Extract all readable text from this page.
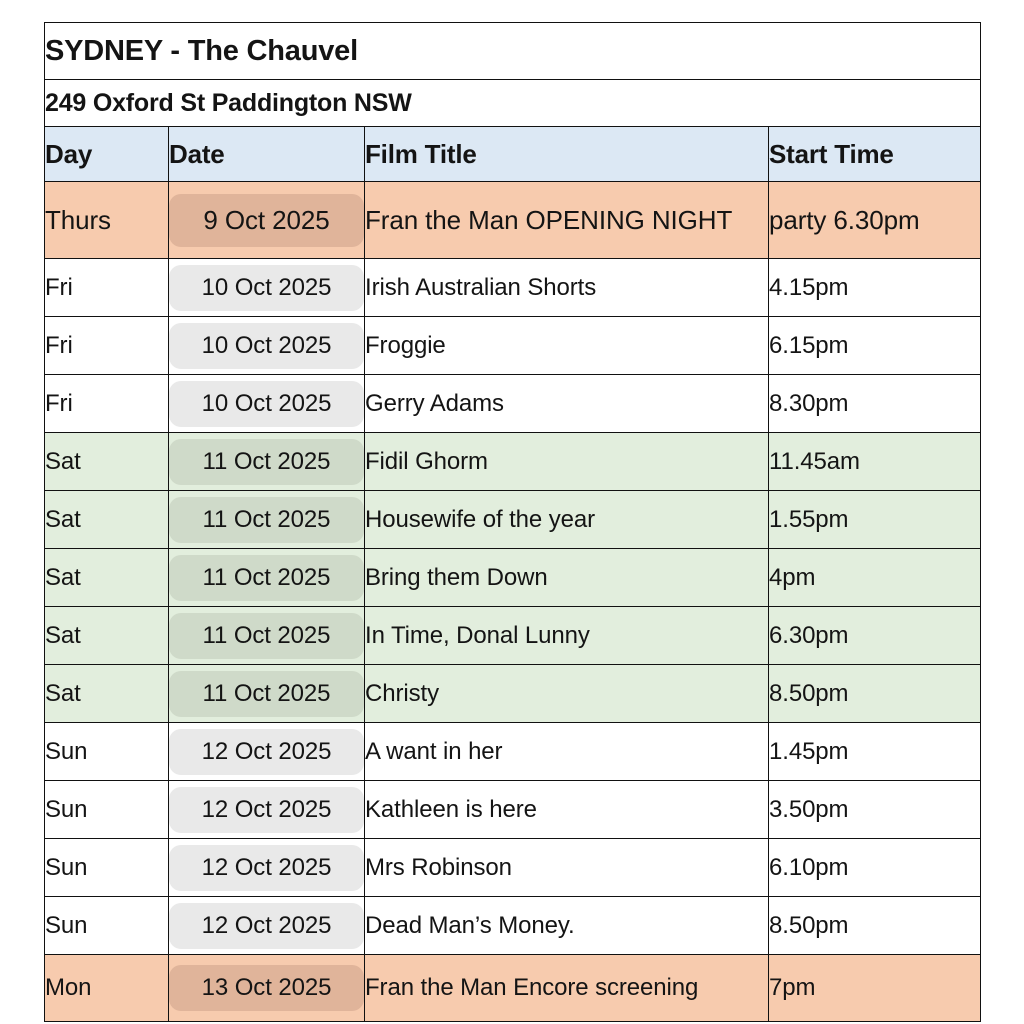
SYDNEY - The Chauvel			
249 Oxford St Paddington NSW			
Day	Date	Film Title	Start Time
Thurs	9 Oct 2025	Fran the Man OPENING NIGHT	party 6.30pm
Fri	10 Oct 2025	Irish Australian Shorts	4.15pm
Fri	10 Oct 2025	Froggie	6.15pm
Fri	10 Oct 2025	Gerry Adams	8.30pm
Sat	11 Oct 2025	Fidil Ghorm	11.45am
Sat	11 Oct 2025	Housewife of the year	1.55pm
Sat	11 Oct 2025	Bring them Down	4pm
Sat	11 Oct 2025	In Time, Donal Lunny	6.30pm
Sat	11 Oct 2025	Christy	8.50pm
Sun	12 Oct 2025	A want in her	1.45pm
Sun	12 Oct 2025	Kathleen is here	3.50pm
Sun	12 Oct 2025	Mrs Robinson	6.10pm
Sun	12 Oct 2025	Dead Man’s Money.	8.50pm
Mon	13 Oct 2025	Fran the Man Encore screening	7pm
